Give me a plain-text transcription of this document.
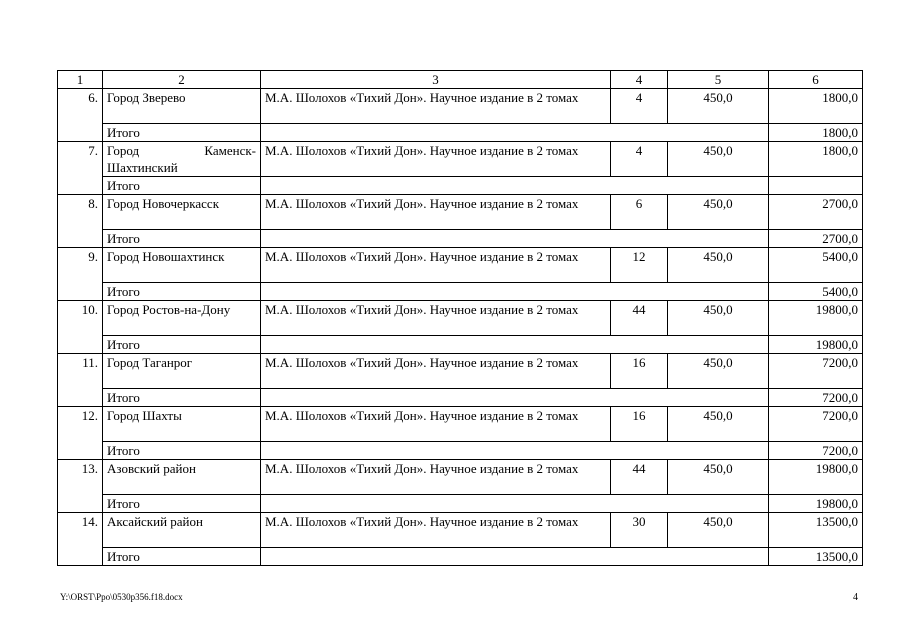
1	2	3	4	5	6
6.	Город Зверево	М.А. Шолохов «Тихий Дон». Научное издание в 2 томах	4	450,0	1800,0
	Итого				1800,0
7.	Город Каменск-Шахтинский	М.А. Шолохов «Тихий Дон». Научное издание в 2 томах	4	450,0	1800,0
	Итого				
8.	Город Новочеркасск	М.А. Шолохов «Тихий Дон». Научное издание в 2 томах	6	450,0	2700,0
	Итого				2700,0
9.	Город Новошахтинск	М.А. Шолохов «Тихий Дон». Научное издание в 2 томах	12	450,0	5400,0
	Итого				5400,0
10.	Город Ростов-на-Дону	М.А. Шолохов «Тихий Дон». Научное издание в 2 томах	44	450,0	19800,0
	Итого				19800,0
11.	Город Таганрог	М.А. Шолохов «Тихий Дон». Научное издание в 2 томах	16	450,0	7200,0
	Итого				7200,0
12.	Город Шахты	М.А. Шолохов «Тихий Дон». Научное издание в 2 томах	16	450,0	7200,0
	Итого				7200,0
13.	Азовский район	М.А. Шолохов «Тихий Дон». Научное издание в 2 томах	44	450,0	19800,0
	Итого				19800,0
14.	Аксайский район	М.А. Шолохов «Тихий Дон». Научное издание в 2 томах	30	450,0	13500,0
	Итого				13500,0
Y:\ORST\Ppo\0530p356.f18.docx	4
